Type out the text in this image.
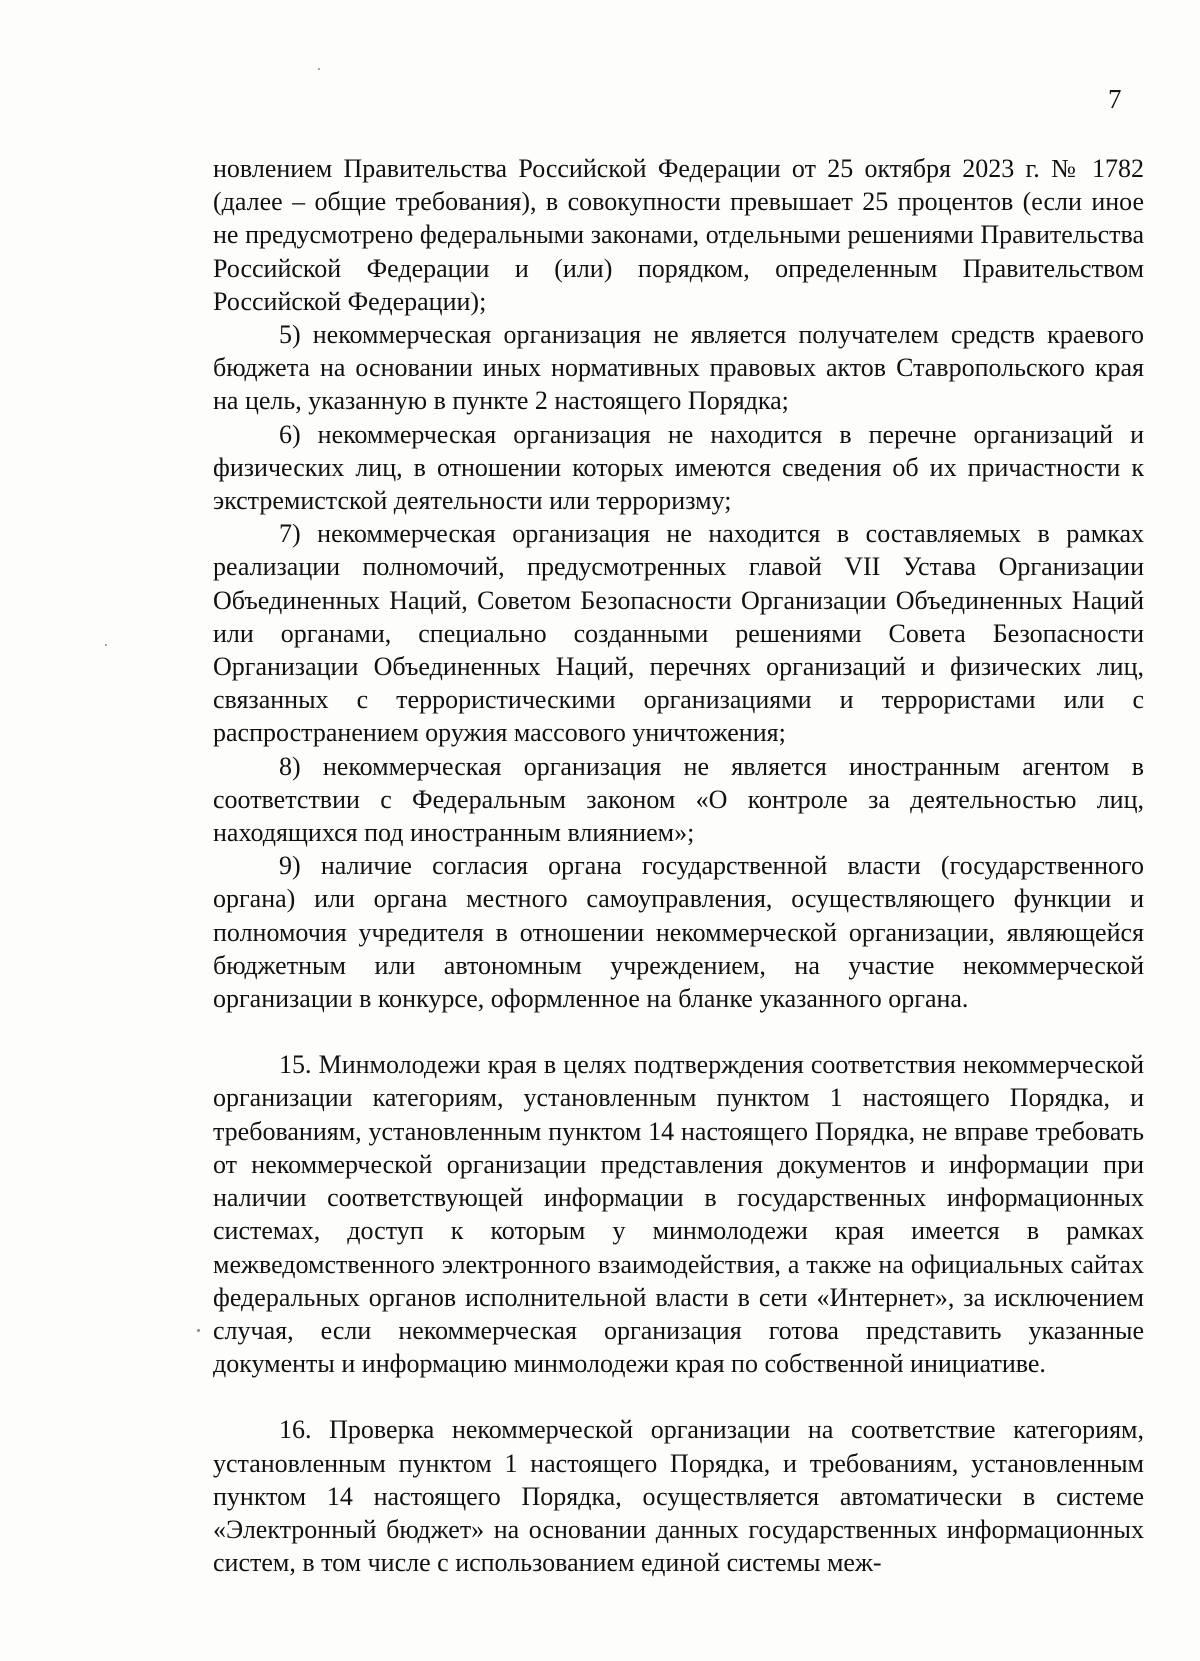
7

новлением Правительства Российской Федерации от 25 октября 2023 г. № 1782 (далее – общие требования), в совокупности превышает 25 процентов (если иное не предусмотрено федеральными законами, отдельными решениями Правительства Российской Федерации и (или) порядком, определенным Правительством Российской Федерации);

5) некоммерческая организация не является получателем средств краевого бюджета на основании иных нормативных правовых актов Ставропольского края на цель, указанную в пункте 2 настоящего Порядка;

6) некоммерческая организация не находится в перечне организаций и физических лиц, в отношении которых имеются сведения об их причастности к экстремистской деятельности или терроризму;

7) некоммерческая организация не находится в составляемых в рамках реализации полномочий, предусмотренных главой VII Устава Организации Объединенных Наций, Советом Безопасности Организации Объединенных Наций или органами, специально созданными решениями Совета Безопасности Организации Объединенных Наций, перечнях организаций и физических лиц, связанных с террористическими организациями и террористами или с распространением оружия массового уничтожения;

8) некоммерческая организация не является иностранным агентом в соответствии с Федеральным законом «О контроле за деятельностью лиц, находящихся под иностранным влиянием»;

9) наличие согласия органа государственной власти (государственного органа) или органа местного самоуправления, осуществляющего функции и полномочия учредителя в отношении некоммерческой организации, являющейся бюджетным или автономным учреждением, на участие некоммерческой организации в конкурсе, оформленное на бланке указанного органа.

15. Минмолодежи края в целях подтверждения соответствия некоммерческой организации категориям, установленным пунктом 1 настоящего Порядка, и требованиям, установленным пунктом 14 настоящего Порядка, не вправе требовать от некоммерческой организации представления документов и информации при наличии соответствующей информации в государственных информационных системах, доступ к которым у минмолодежи края имеется в рамках межведомственного электронного взаимодействия, а также на официальных сайтах федеральных органов исполнительной власти в сети «Интернет», за исключением случая, если некоммерческая организация готова представить указанные документы и информацию минмолодежи края по собственной инициативе.

16. Проверка некоммерческой организации на соответствие категориям, установленным пунктом 1 настоящего Порядка, и требованиям, установленным пунктом 14 настоящего Порядка, осуществляется автоматически в системе «Электронный бюджет» на основании данных государственных информационных систем, в том числе с использованием единой системы меж-
